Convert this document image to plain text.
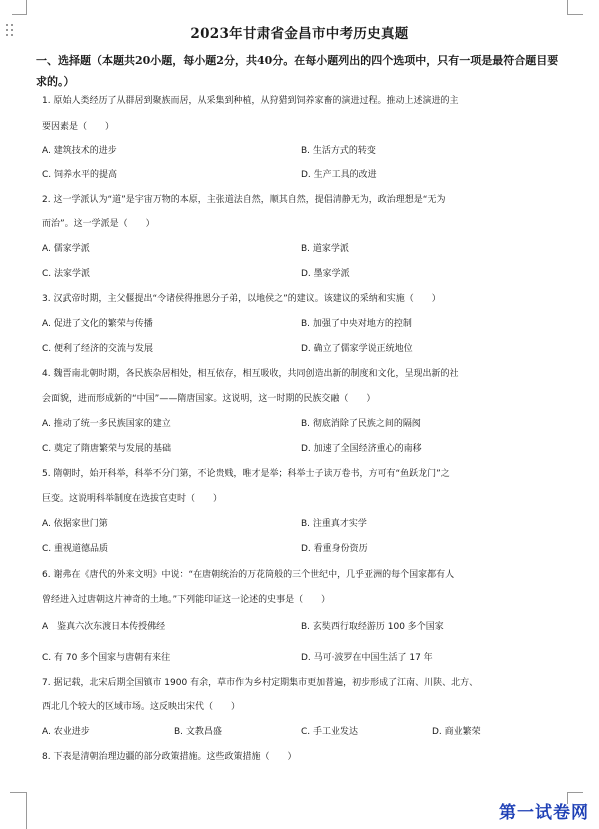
2023年甘肃省金昌市中考历史真题
一、选择题（本题共20小题，每小题2分，共40分。在每小题列出的四个选项中，只有一项是最符合题目要求的。）
1. 原始人类经历了从群居到聚族而居，从采集到种植，从狩猎到饲养家畜的演进过程。推动上述演进的主
要因素是（　　）
A. 建筑技术的进步	B. 生活方式的转变
C. 饲养水平的提高	D. 生产工具的改进
2. 这一学派认为“道”是宇宙万物的本原，主张道法自然，顺其自然，提倡清静无为，政治理想是“无为
而治”。这一学派是（　　）
A. 儒家学派	B. 道家学派
C. 法家学派	D. 墨家学派
3. 汉武帝时期，主父偃提出“令诸侯得推恩分子弟，以地侯之”的建议。该建议的采纳和实施（　　）
A. 促进了文化的繁荣与传播	B. 加强了中央对地方的控制
C. 便利了经济的交流与发展	D. 确立了儒家学说正统地位
4. 魏晋南北朝时期，各民族杂居相处，相互依存，相互吸收，共同创造出新的制度和文化，呈现出新的社
会面貌，进而形成新的“中国”——隋唐国家。这说明，这一时期的民族交融（　　）
A. 推动了统一多民族国家的建立	B. 彻底消除了民族之间的隔阂
C. 奠定了隋唐繁荣与发展的基础	D. 加速了全国经济重心的南移
5. 隋朝时，始开科举，科举不分门第，不论贵贱，唯才是举；科举士子读万卷书，方可有“鱼跃龙门”之
巨变。这说明科举制度在选拔官吏时（　　）
A. 依据家世门第	B. 注重真才实学
C. 重视道德品质	D. 看重身份资历
6. 谢弗在《唐代的外来文明》中说：“在唐朝统治的万花筒般的三个世纪中，几乎亚洲的每个国家都有人
曾经进入过唐朝这片神奇的土地。”下列能印证这一论述的史事是（　　）
A　鉴真六次东渡日本传授佛经	B. 玄奘西行取经游历 100 多个国家
C. 有 70 多个国家与唐朝有来往	D. 马可·波罗在中国生活了 17 年
7. 据记载，北宋后期全国镇市 1900 有余，草市作为乡村定期集市更加普遍，初步形成了江南、川陕、北方、
西北几个较大的区域市场。这反映出宋代（　　）
A. 农业进步	B. 文教昌盛	C. 手工业发达	D. 商业繁荣
8. 下表是清朝治理边疆的部分政策措施。这些政策措施（　　）
第一试卷网
